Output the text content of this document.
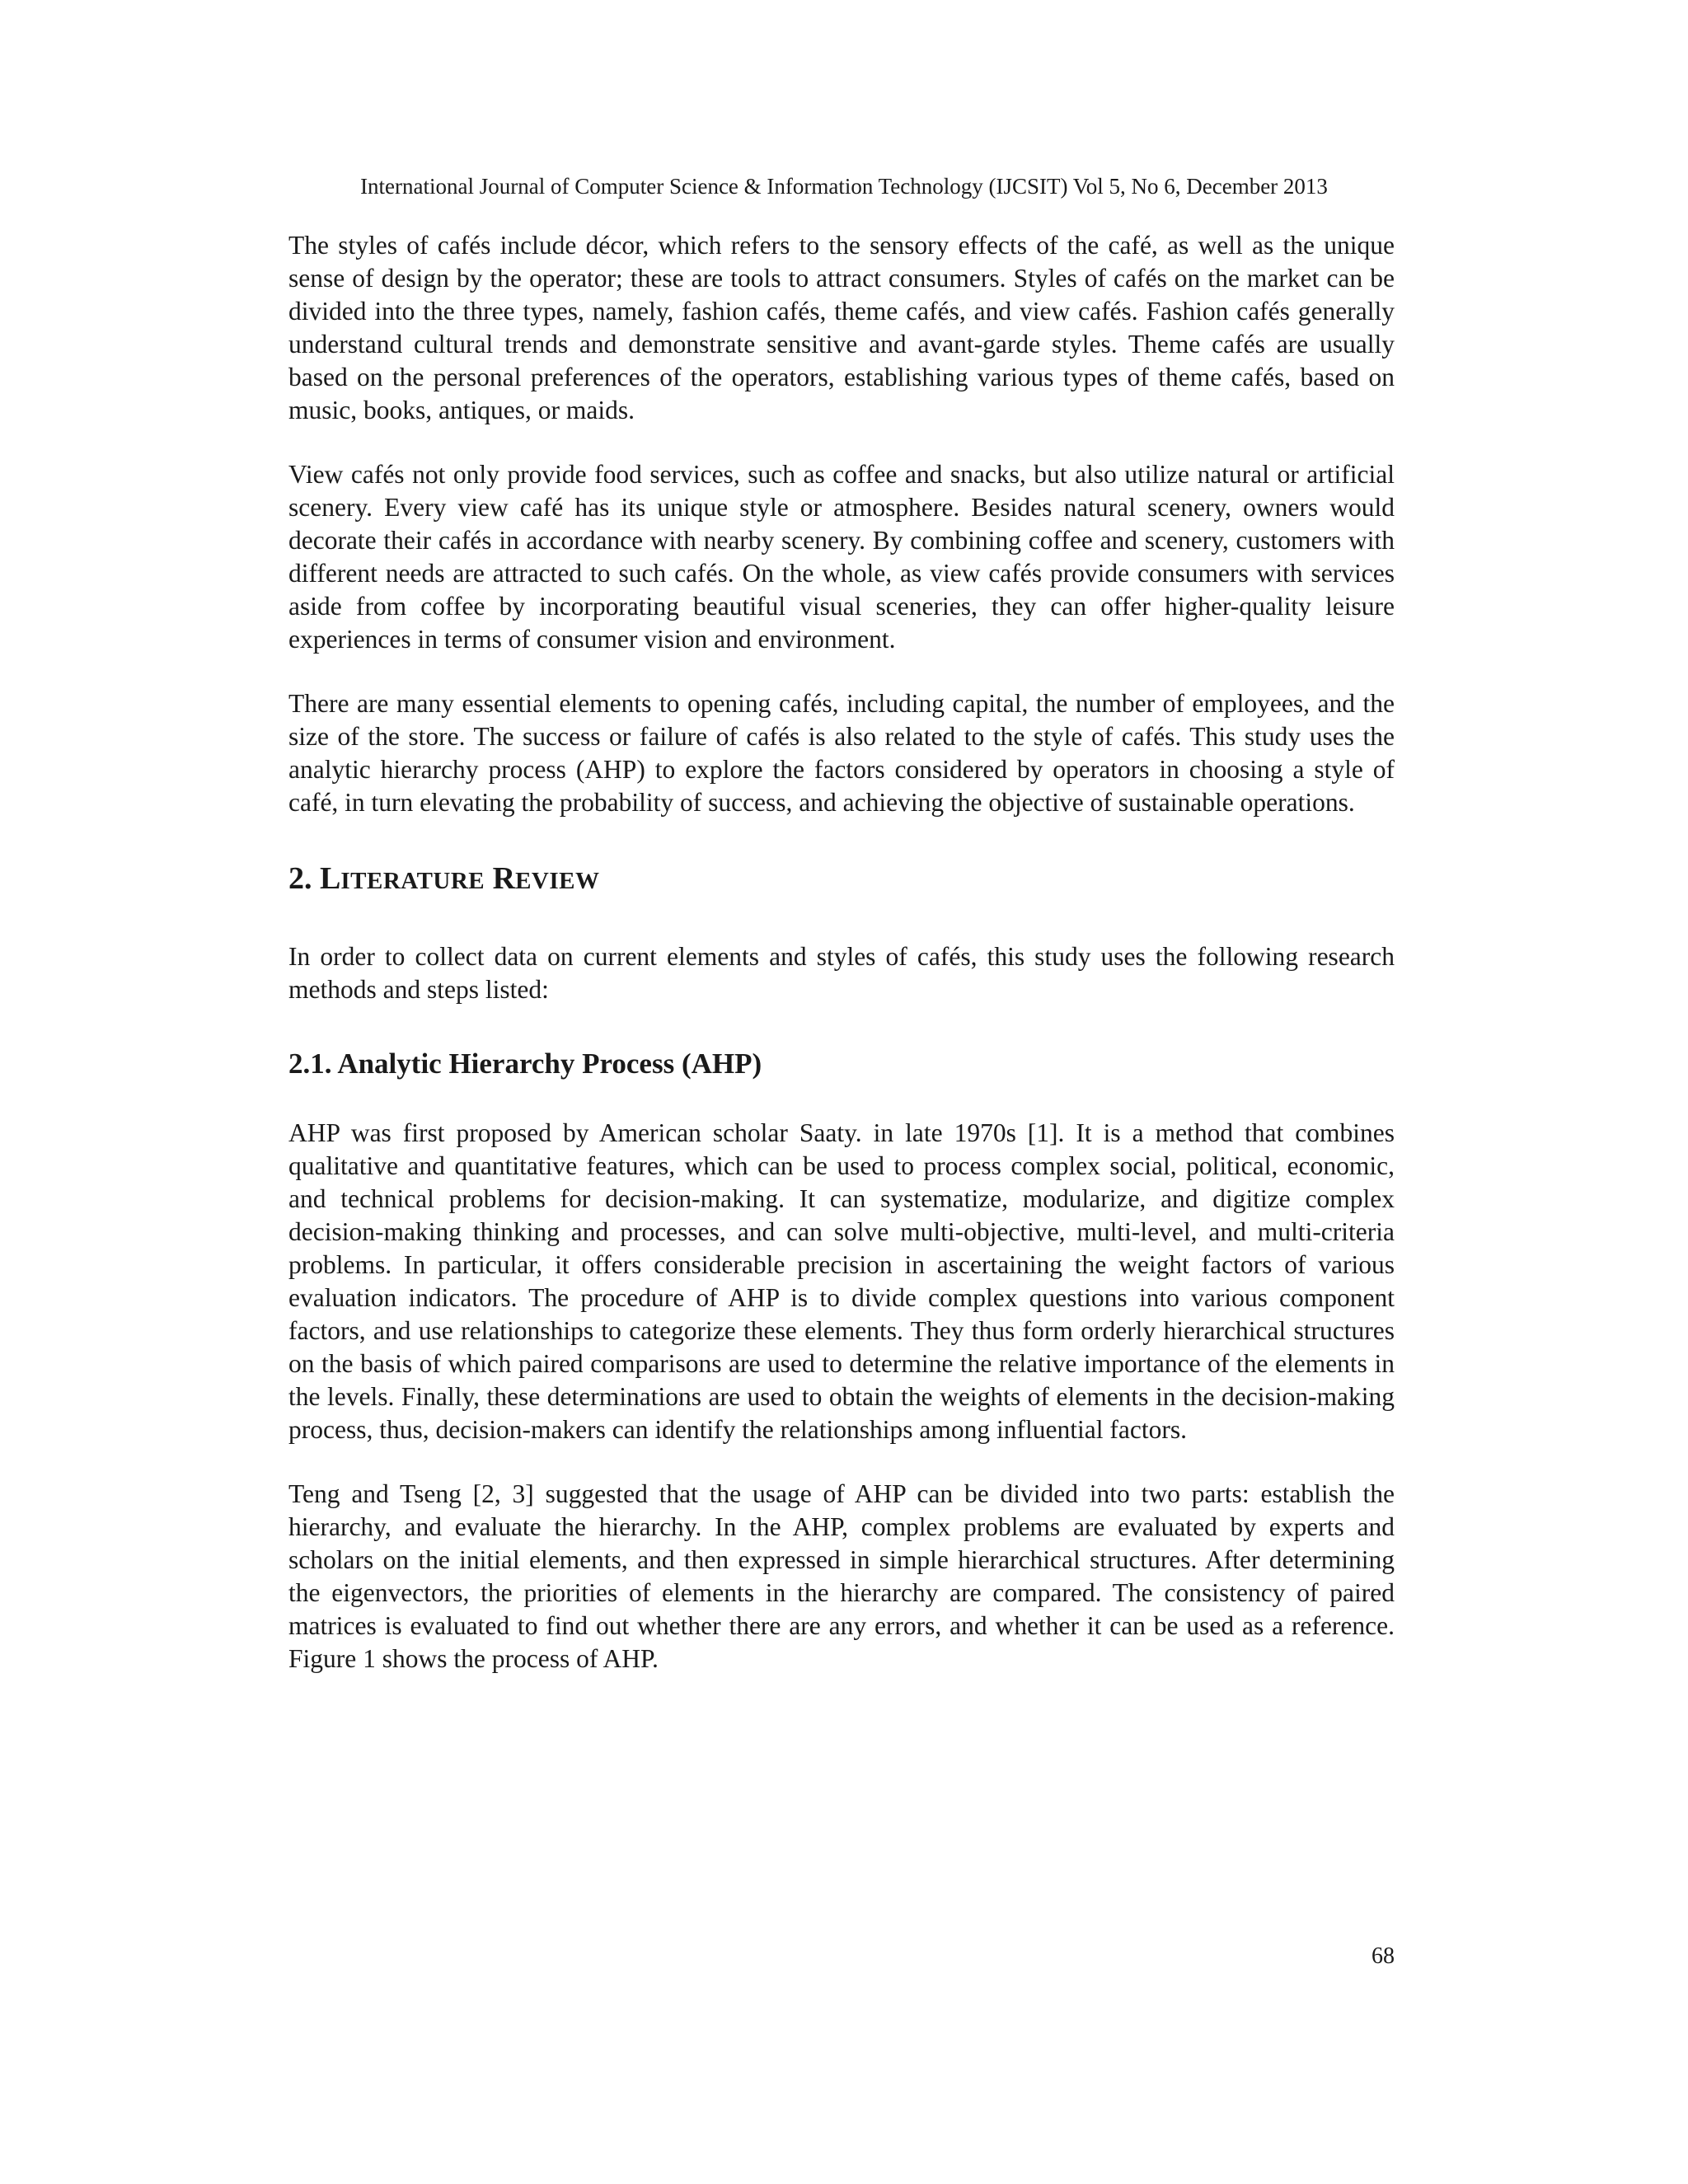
International Journal of Computer Science & Information Technology (IJCSIT) Vol 5, No 6, December 2013

The styles of cafés include décor, which refers to the sensory effects of the café, as well as the unique sense of design by the operator; these are tools to attract consumers. Styles of cafés on the market can be divided into the three types, namely, fashion cafés, theme cafés, and view cafés. Fashion cafés generally understand cultural trends and demonstrate sensitive and avant-garde styles. Theme cafés are usually based on the personal preferences of the operators, establishing various types of theme cafés, based on music, books, antiques, or maids.

View cafés not only provide food services, such as coffee and snacks, but also utilize natural or artificial scenery. Every view café has its unique style or atmosphere. Besides natural scenery, owners would decorate their cafés in accordance with nearby scenery. By combining coffee and scenery, customers with different needs are attracted to such cafés. On the whole, as view cafés provide consumers with services aside from coffee by incorporating beautiful visual sceneries, they can offer higher-quality leisure experiences in terms of consumer vision and environment.

There are many essential elements to opening cafés, including capital, the number of employees, and the size of the store. The success or failure of cafés is also related to the style of cafés. This study uses the analytic hierarchy process (AHP) to explore the factors considered by operators in choosing a style of café, in turn elevating the probability of success, and achieving the objective of sustainable operations.

2. LITERATURE REVIEW

In order to collect data on current elements and styles of cafés, this study uses the following research methods and steps listed:

2.1. Analytic Hierarchy Process (AHP)

AHP was first proposed by American scholar Saaty. in late 1970s [1]. It is a method that combines qualitative and quantitative features, which can be used to process complex social, political, economic, and technical problems for decision-making. It can systematize, modularize, and digitize complex decision-making thinking and processes, and can solve multi-objective, multi-level, and multi-criteria problems. In particular, it offers considerable precision in ascertaining the weight factors of various evaluation indicators. The procedure of AHP is to divide complex questions into various component factors, and use relationships to categorize these elements. They thus form orderly hierarchical structures on the basis of which paired comparisons are used to determine the relative importance of the elements in the levels. Finally, these determinations are used to obtain the weights of elements in the decision-making process, thus, decision-makers can identify the relationships among influential factors.

Teng and Tseng [2, 3] suggested that the usage of AHP can be divided into two parts: establish the hierarchy, and evaluate the hierarchy. In the AHP, complex problems are evaluated by experts and scholars on the initial elements, and then expressed in simple hierarchical structures. After determining the eigenvectors, the priorities of elements in the hierarchy are compared. The consistency of paired matrices is evaluated to find out whether there are any errors, and whether it can be used as a reference. Figure 1 shows the process of AHP.

68
